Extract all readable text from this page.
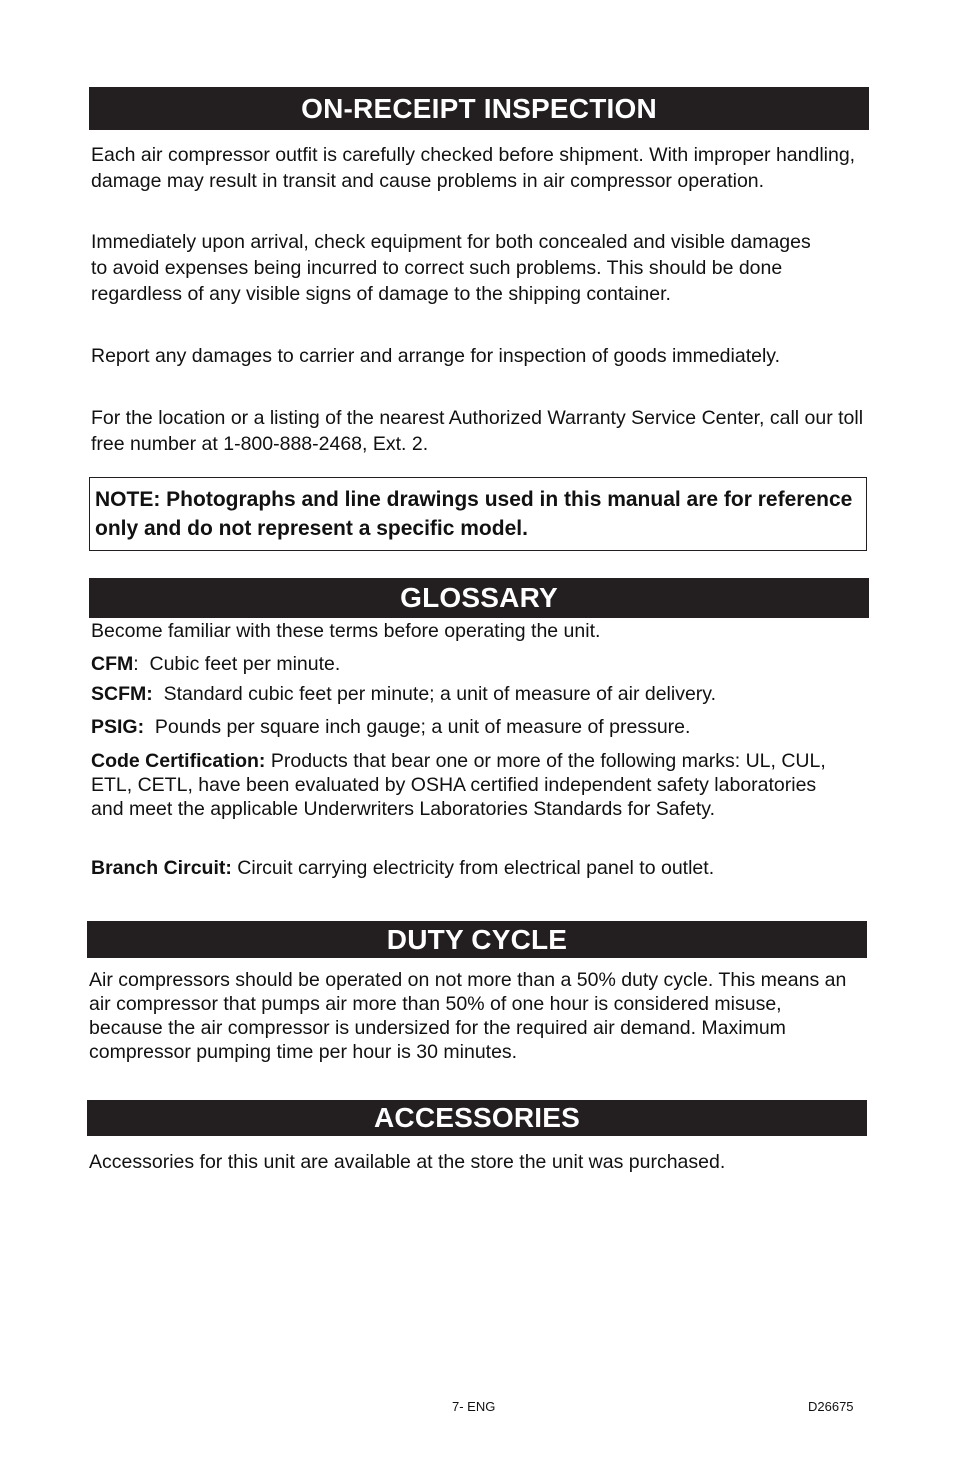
ON-RECEIPT INSPECTION

Each air compressor outfit is carefully checked before shipment. With improper handling, damage may result in transit and cause problems in air compressor operation.

Immediately upon arrival, check equipment for both concealed and visible damages to avoid expenses being incurred to correct such problems. This should be done regardless of any visible signs of damage to the shipping container.

Report any damages to carrier and arrange for inspection of goods immediately.

For the location or a listing of the nearest Authorized Warranty Service Center, call our toll free number at 1-800-888-2468, Ext. 2.

NOTE: Photographs and line drawings used in this manual are for reference only and do not represent a specific model.

GLOSSARY

Become familiar with these terms before operating the unit.

CFM:  Cubic feet per minute.

SCFM:  Standard cubic feet per minute; a unit of measure of air delivery.

PSIG:  Pounds per square inch gauge; a unit of measure of pressure.

Code Certification: Products that bear one or more of the following marks: UL, CUL, ETL, CETL, have been evaluated by OSHA certified independent safety laboratories and meet the applicable Underwriters Laboratories Standards for Safety.

Branch Circuit: Circuit carrying electricity from electrical panel to outlet.

DUTY CYCLE

Air compressors should be operated on not more than a 50% duty cycle. This means an air compressor that pumps air more than 50% of one hour is considered misuse, because the air compressor is undersized for the required air demand. Maximum compressor pumping time per hour is 30 minutes.

ACCESSORIES

Accessories for this unit are available at the store the unit was purchased.

7- ENG	D26675
